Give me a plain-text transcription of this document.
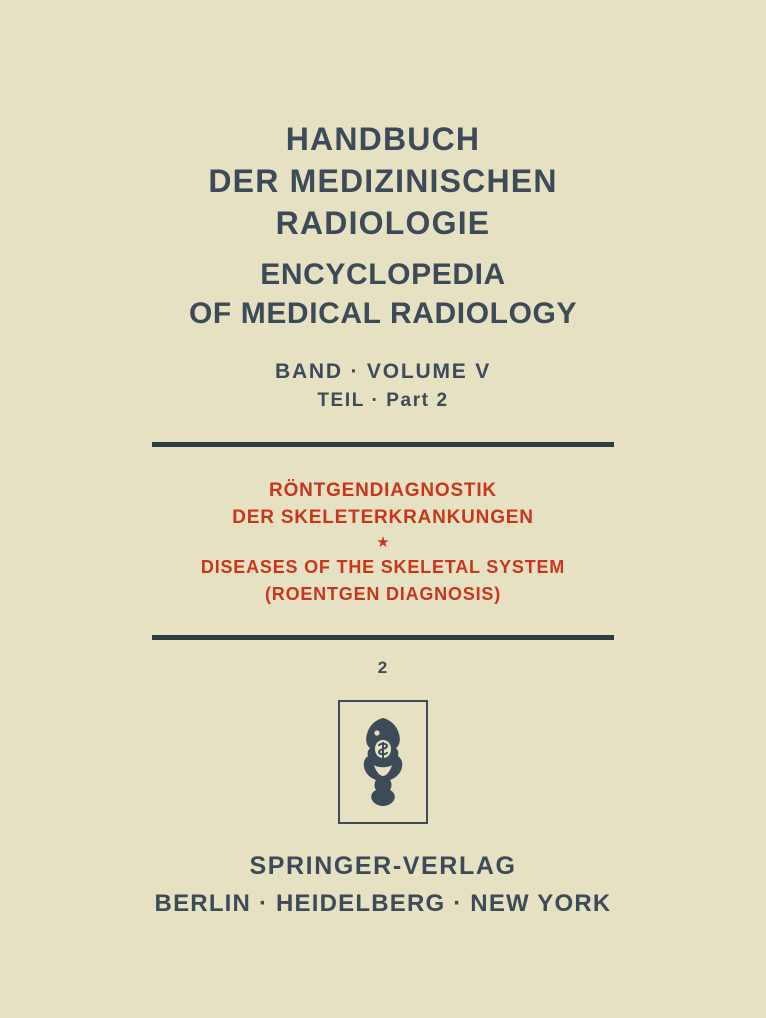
HANDBUCH
DER MEDIZINISCHEN
RADIOLOGIE
ENCYCLOPEDIA
OF MEDICAL RADIOLOGY
BAND · VOLUME V
TEIL · Part 2
RÖNTGENDIAGNOSTIK
DER SKELETERKRANKUNGEN
★
DISEASES OF THE SKELETAL SYSTEM
(ROENTGEN DIAGNOSIS)
2
SPRINGER-VERLAG
BERLIN · HEIDELBERG · NEW YORK
